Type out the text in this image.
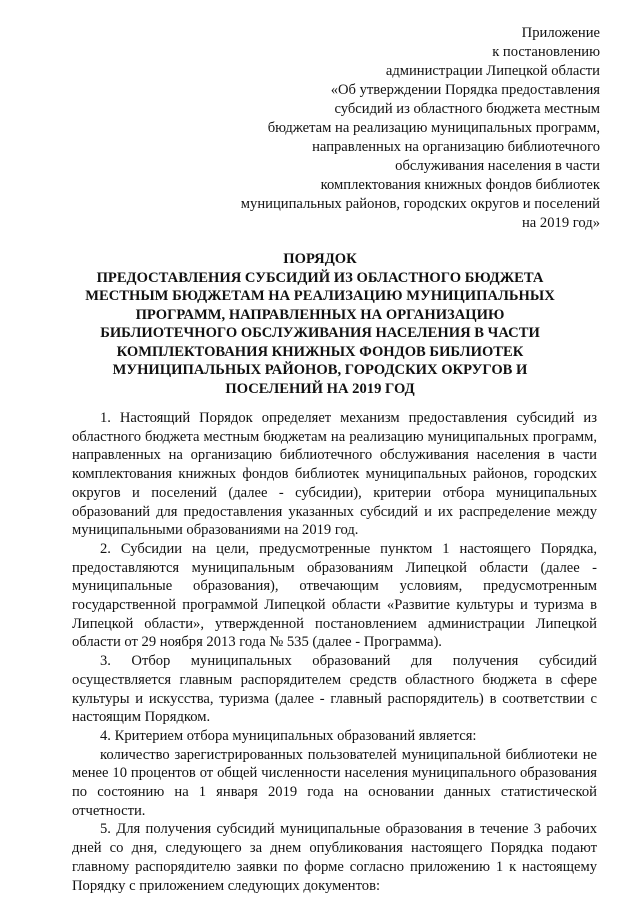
Приложение
к постановлению
администрации Липецкой области
«Об утверждении Порядка предоставления
субсидий из областного бюджета местным
бюджетам на реализацию муниципальных программ,
направленных на организацию библиотечного
обслуживания населения в части
комплектования книжных фондов библиотек
муниципальных районов, городских округов и поселений
на 2019 год»
ПОРЯДОК
ПРЕДОСТАВЛЕНИЯ СУБСИДИЙ ИЗ ОБЛАСТНОГО БЮДЖЕТА
МЕСТНЫМ БЮДЖЕТАМ НА РЕАЛИЗАЦИЮ МУНИЦИПАЛЬНЫХ
ПРОГРАММ, НАПРАВЛЕННЫХ НА ОРГАНИЗАЦИЮ
БИБЛИОТЕЧНОГО ОБСЛУЖИВАНИЯ НАСЕЛЕНИЯ В ЧАСТИ
КОМПЛЕКТОВАНИЯ КНИЖНЫХ ФОНДОВ БИБЛИОТЕК
МУНИЦИПАЛЬНЫХ РАЙОНОВ, ГОРОДСКИХ ОКРУГОВ И
ПОСЕЛЕНИЙ НА 2019 ГОД

1. Настоящий Порядок определяет механизм предоставления субсидий из областного бюджета местным бюджетам на реализацию муниципальных программ, направленных на организацию библиотечного обслуживания населения в части комплектования книжных фондов библиотек муниципальных районов, городских округов и поселений (далее - субсидии), критерии отбора муниципальных образований для предоставления указанных субсидий и их распределение между муниципальными образованиями на 2019 год.

2. Субсидии на цели, предусмотренные пунктом 1 настоящего Порядка, предоставляются муниципальным образованиям Липецкой области (далее - муниципальные образования), отвечающим условиям, предусмотренным государственной программой Липецкой области «Развитие культуры и туризма в Липецкой области», утвержденной постановлением администрации Липецкой области от 29 ноября 2013 года № 535 (далее - Программа).

3. Отбор муниципальных образований для получения субсидий осуществляется главным распорядителем средств областного бюджета в сфере культуры и искусства, туризма (далее - главный распорядитель) в соответствии с настоящим Порядком.

4. Критерием отбора муниципальных образований является:

количество зарегистрированных пользователей муниципальной библиотеки не менее 10 процентов от общей численности населения муниципального образования по состоянию на 1 января 2019 года на основании данных статистической отчетности.

5. Для получения субсидий муниципальные образования в течение 3 рабочих дней со дня, следующего за днем опубликования настоящего Порядка подают главному распорядителю заявки по форме согласно приложению 1 к настоящему Порядку с приложением следующих документов:
